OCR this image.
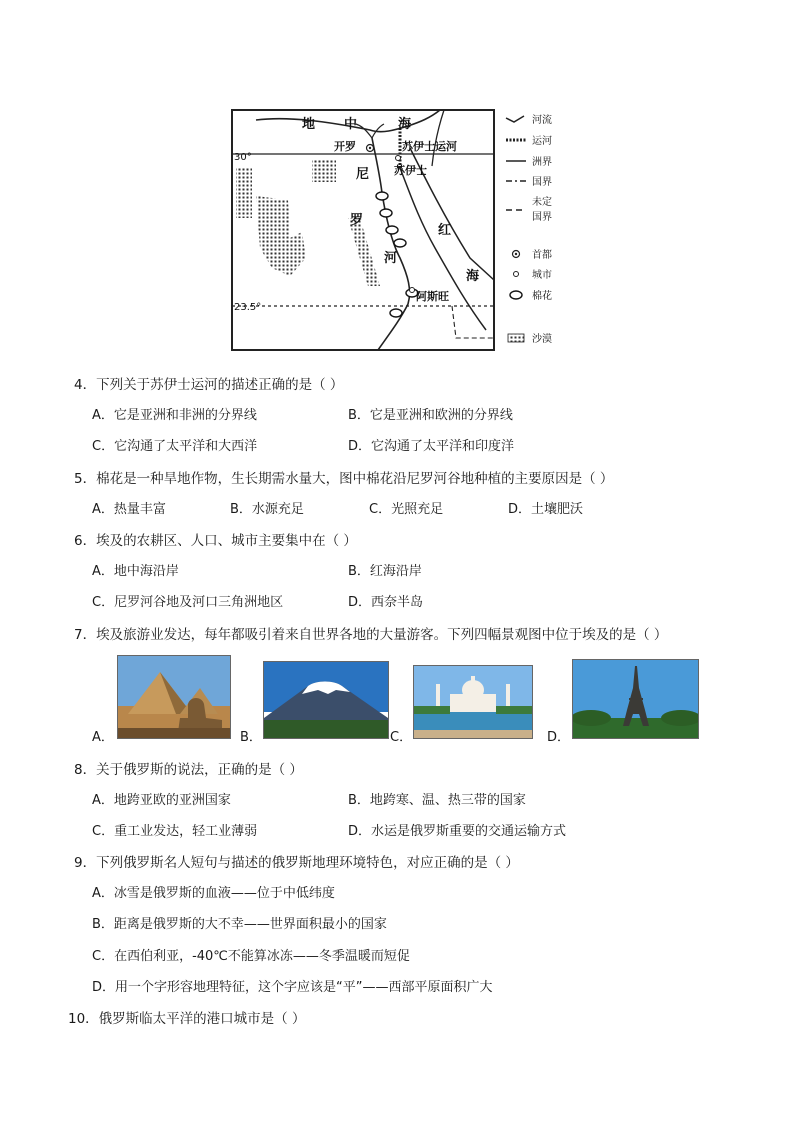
地 中	海
开罗	苏伊士运河
苏伊士
尼
罗
河
红
海
阿斯旺
30°
23.5°
河流
运河
洲界
国界
未定
国界
首都
城市
棉花
沙漠
4．下列关于苏伊士运河的描述正确的是（ ）
A．它是亚洲和非洲的分界线	B．它是亚洲和欧洲的分界线
C．它沟通了太平洋和大西洋	D．它沟通了太平洋和印度洋
5．棉花是一种旱地作物，生长期需水量大，图中棉花沿尼罗河谷地种植的主要原因是（ ）
A．热量丰富	B．水源充足	C．光照充足	D．土壤肥沃
6．埃及的农耕区、人口、城市主要集中在（ ）
A．地中海沿岸	B．红海沿岸
C．尼罗河谷地及河口三角洲地区	D．西奈半岛
7．埃及旅游业发达，每年都吸引着来自世界各地的大量游客。下列四幅景观图中位于埃及的是（ ）
A．	B．	C．	D．
8．关于俄罗斯的说法，正确的是（ ）
A．地跨亚欧的亚洲国家	B．地跨寒、温、热三带的国家
C．重工业发达，轻工业薄弱	D．水运是俄罗斯重要的交通运输方式
9．下列俄罗斯名人短句与描述的俄罗斯地理环境特色，对应正确的是（ ）
A．冰雪是俄罗斯的血液——位于中低纬度
B．距离是俄罗斯的大不幸——世界面积最小的国家
C．在西伯利亚，-40℃不能算冰冻——冬季温暖而短促
D．用一个字形容地理特征，这个字应该是“平”——西部平原面积广大
10．俄罗斯临太平洋的港口城市是（ ）
